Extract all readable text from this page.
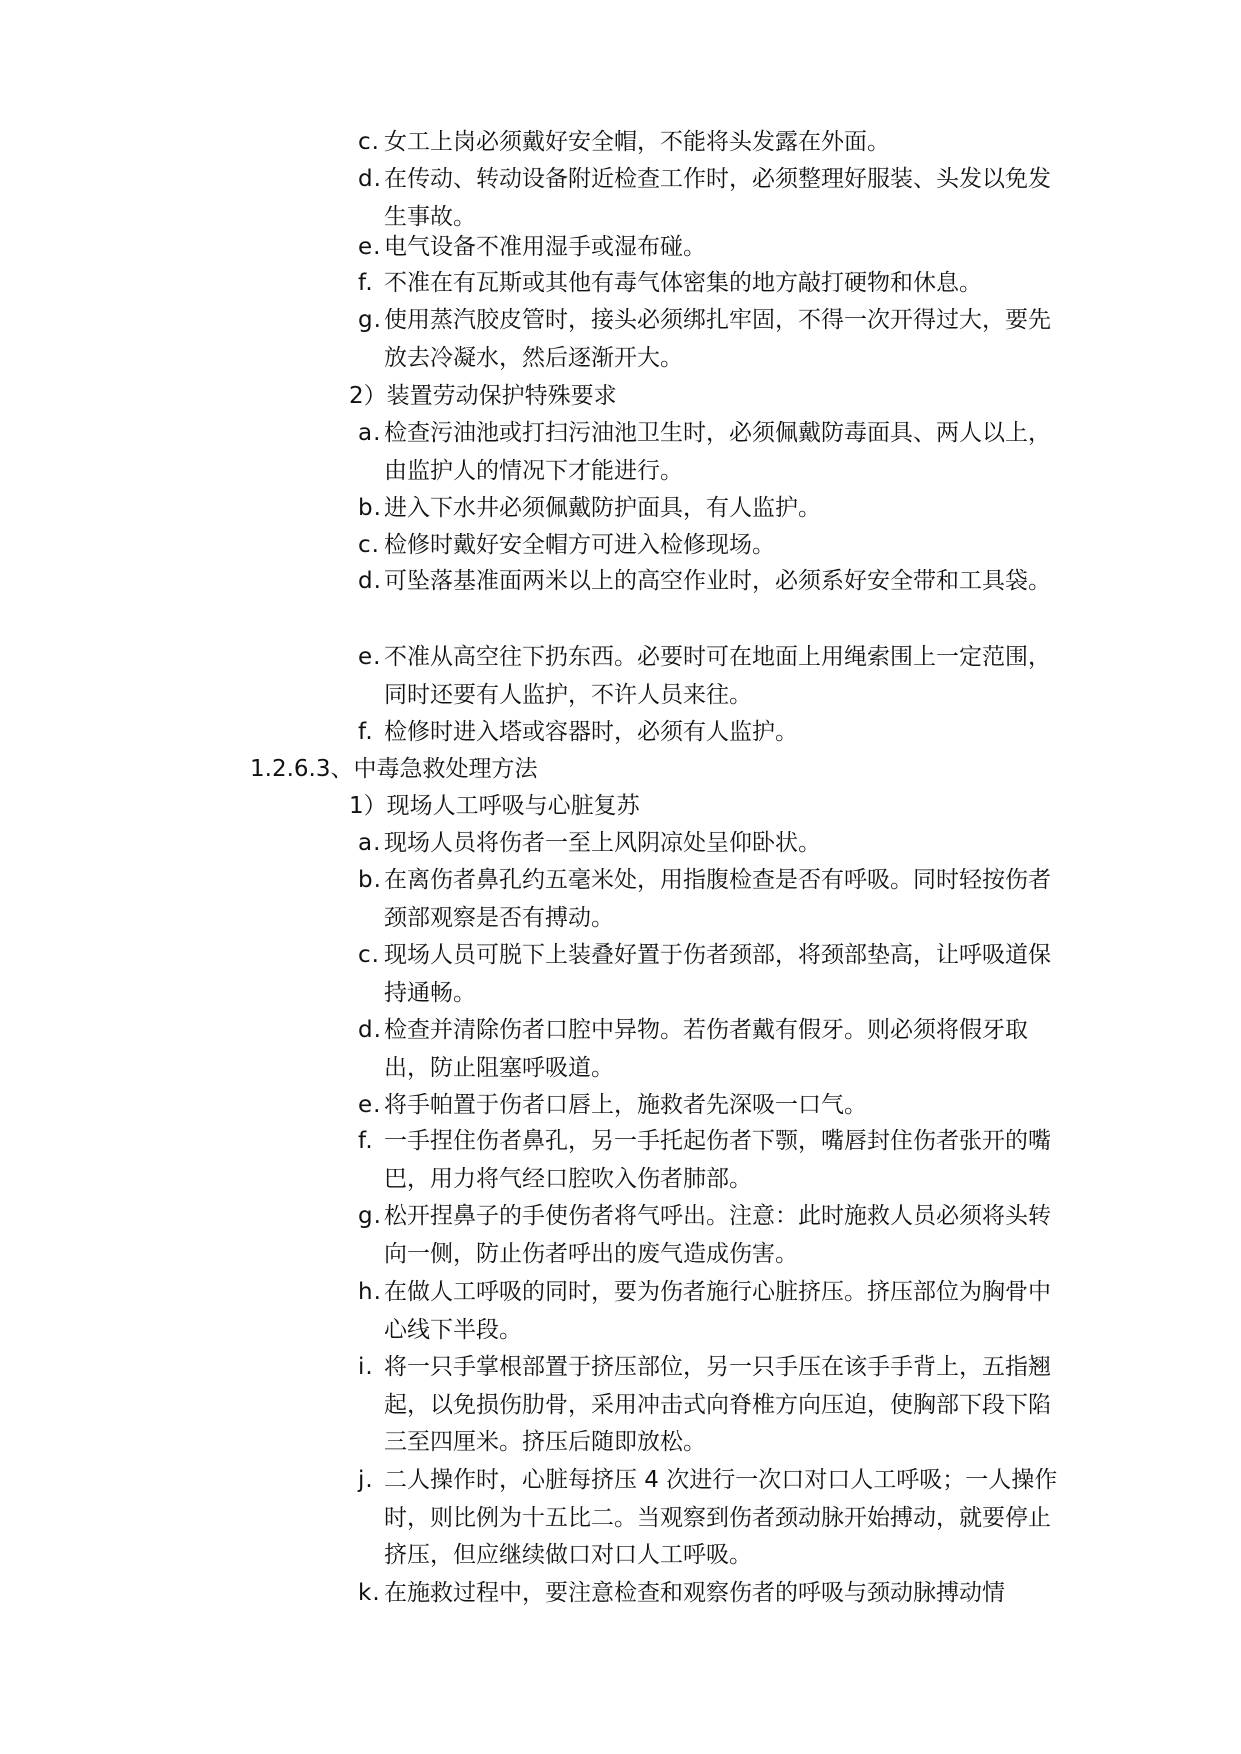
c. 女工上岗必须戴好安全帽，不能将头发露在外面。
d. 在传动、转动设备附近检查工作时，必须整理好服装、头发以免发生事故。
e. 电气设备不准用湿手或湿布碰。
f. 不准在有瓦斯或其他有毒气体密集的地方敲打硬物和休息。
g. 使用蒸汽胶皮管时，接头必须绑扎牢固，不得一次开得过大，要先放去冷凝水，然后逐渐开大。
2）装置劳动保护特殊要求
a. 检查污油池或打扫污油池卫生时，必须佩戴防毒面具、两人以上，由监护人的情况下才能进行。
b. 进入下水井必须佩戴防护面具，有人监护。
c. 检修时戴好安全帽方可进入检修现场。
d. 可坠落基准面两米以上的高空作业时，必须系好安全带和工具袋。
e. 不准从高空往下扔东西。必要时可在地面上用绳索围上一定范围，同时还要有人监护，不许人员来往。
f. 检修时进入塔或容器时，必须有人监护。
1.2.6.3、中毒急救处理方法
1）现场人工呼吸与心脏复苏
a. 现场人员将伤者一至上风阴凉处呈仰卧状。
b. 在离伤者鼻孔约五毫米处，用指腹检查是否有呼吸。同时轻按伤者颈部观察是否有搏动。
c. 现场人员可脱下上装叠好置于伤者颈部，将颈部垫高，让呼吸道保持通畅。
d. 检查并清除伤者口腔中异物。若伤者戴有假牙。则必须将假牙取出，防止阻塞呼吸道。
e. 将手帕置于伤者口唇上，施救者先深吸一口气。
f. 一手捏住伤者鼻孔，另一手托起伤者下颚，嘴唇封住伤者张开的嘴巴，用力将气经口腔吹入伤者肺部。
g. 松开捏鼻子的手使伤者将气呼出。注意：此时施救人员必须将头转向一侧，防止伤者呼出的废气造成伤害。
h. 在做人工呼吸的同时，要为伤者施行心脏挤压。挤压部位为胸骨中心线下半段。
i. 将一只手掌根部置于挤压部位，另一只手压在该手手背上，五指翘起，以免损伤肋骨，采用冲击式向脊椎方向压迫，使胸部下段下陷三至四厘米。挤压后随即放松。
j. 二人操作时，心脏每挤压 4 次进行一次口对口人工呼吸；一人操作时，则比例为十五比二。当观察到伤者颈动脉开始搏动，就要停止挤压，但应继续做口对口人工呼吸。
k. 在施救过程中，要注意检查和观察伤者的呼吸与颈动脉搏动情
